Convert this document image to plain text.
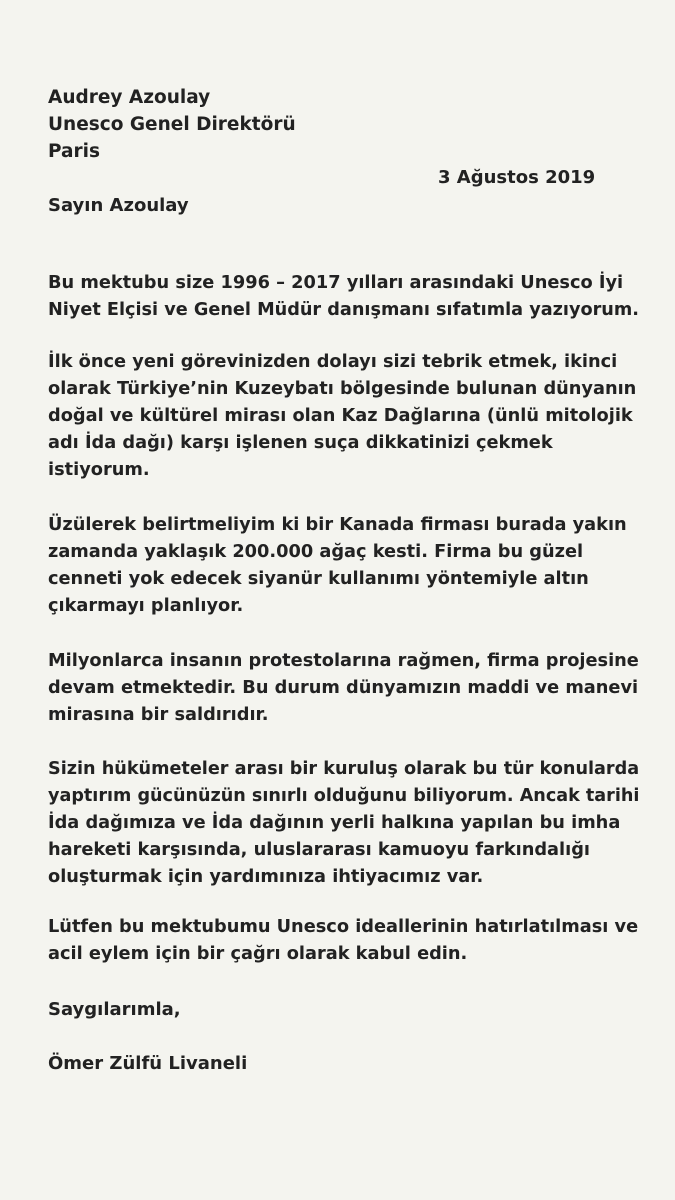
Audrey Azoulay

Unesco Genel Direktörü

Paris

3 Ağustos 2019

Sayın Azoulay

Bu mektubu size 1996 – 2017 yılları arasındaki Unesco İyi
Niyet Elçisi ve Genel Müdür danışmanı sıfatımla yazıyorum.
İlk önce yeni görevinizden dolayı sizi tebrik etmek, ikinci
olarak Türkiye’nin Kuzeybatı bölgesinde bulunan dünyanın
doğal ve kültürel mirası olan Kaz Dağlarına (ünlü mitolojik
adı İda dağı) karşı işlenen suça dikkatinizi çekmek
istiyorum.
Üzülerek belirtmeliyim ki bir Kanada firması burada yakın
zamanda yaklaşık 200.000 ağaç kesti. Firma bu güzel
cenneti yok edecek siyanür kullanımı yöntemiyle altın
çıkarmayı planlıyor.
Milyonlarca insanın protestolarına rağmen, firma projesine
devam etmektedir. Bu durum dünyamızın maddi ve manevi
mirasına bir saldırıdır.
Sizin hükümeteler arası bir kuruluş olarak bu tür konularda
yaptırım gücünüzün sınırlı olduğunu biliyorum. Ancak tarihi
İda dağımıza ve İda dağının yerli halkına yapılan bu imha
hareketi karşısında, uluslararası kamuoyu farkındalığı
oluşturmak için yardımınıza ihtiyacımız var.
Lütfen bu mektubumu Unesco ideallerinin hatırlatılması ve
acil eylem için bir çağrı olarak kabul edin.

Saygılarımla,

Ömer Zülfü Livaneli
